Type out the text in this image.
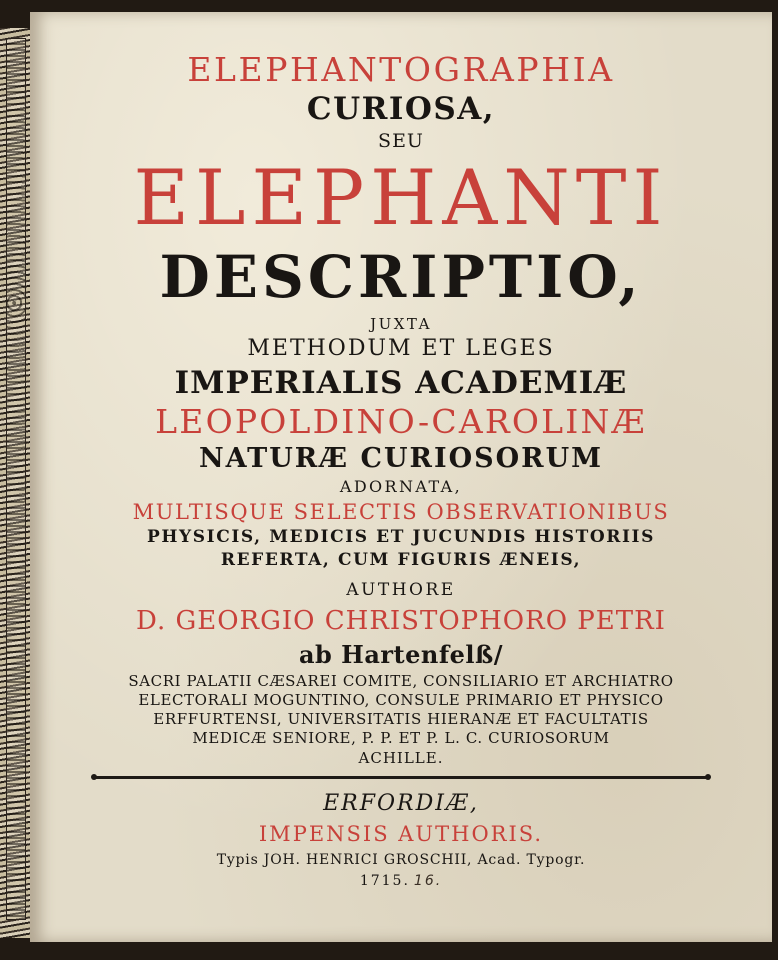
ELEPHANTOGRAPHIA
CURIOSA,
SEU
ELEPHANTI
DESCRIPTIO,
JUXTA
METHODUM ET LEGES
IMPERIALIS ACADEMIÆ
LEOPOLDINO-CAROLINÆ
NATURÆ CURIOSORUM
ADORNATA,
MULTISQUE SELECTIS OBSERVATIONIBUS
PHYSICIS, MEDICIS ET JUCUNDIS HISTORIIS
REFERTA, CUM FIGURIS ÆNEIS,
AUTHORE
D. GEORGIO CHRISTOPHORO PETRI
ab Hartenfelß/
SACRI PALATII CÆSAREI COMITE, CONSILIARIO ET ARCHIATRO
ELECTORALI MOGUNTINO, CONSULE PRIMARIO ET PHYSICO
ERFFURTENSI, UNIVERSITATIS HIERANÆ ET FACULTATIS
MEDICÆ SENIORE, P. P. ET P. L. C. CURIOSORUM
ACHILLE.
ERFORDIÆ,
IMPENSIS AUTHORIS.
Typis JOH. HENRICI GROSCHII, Acad. Typogr.
1715. 16.
